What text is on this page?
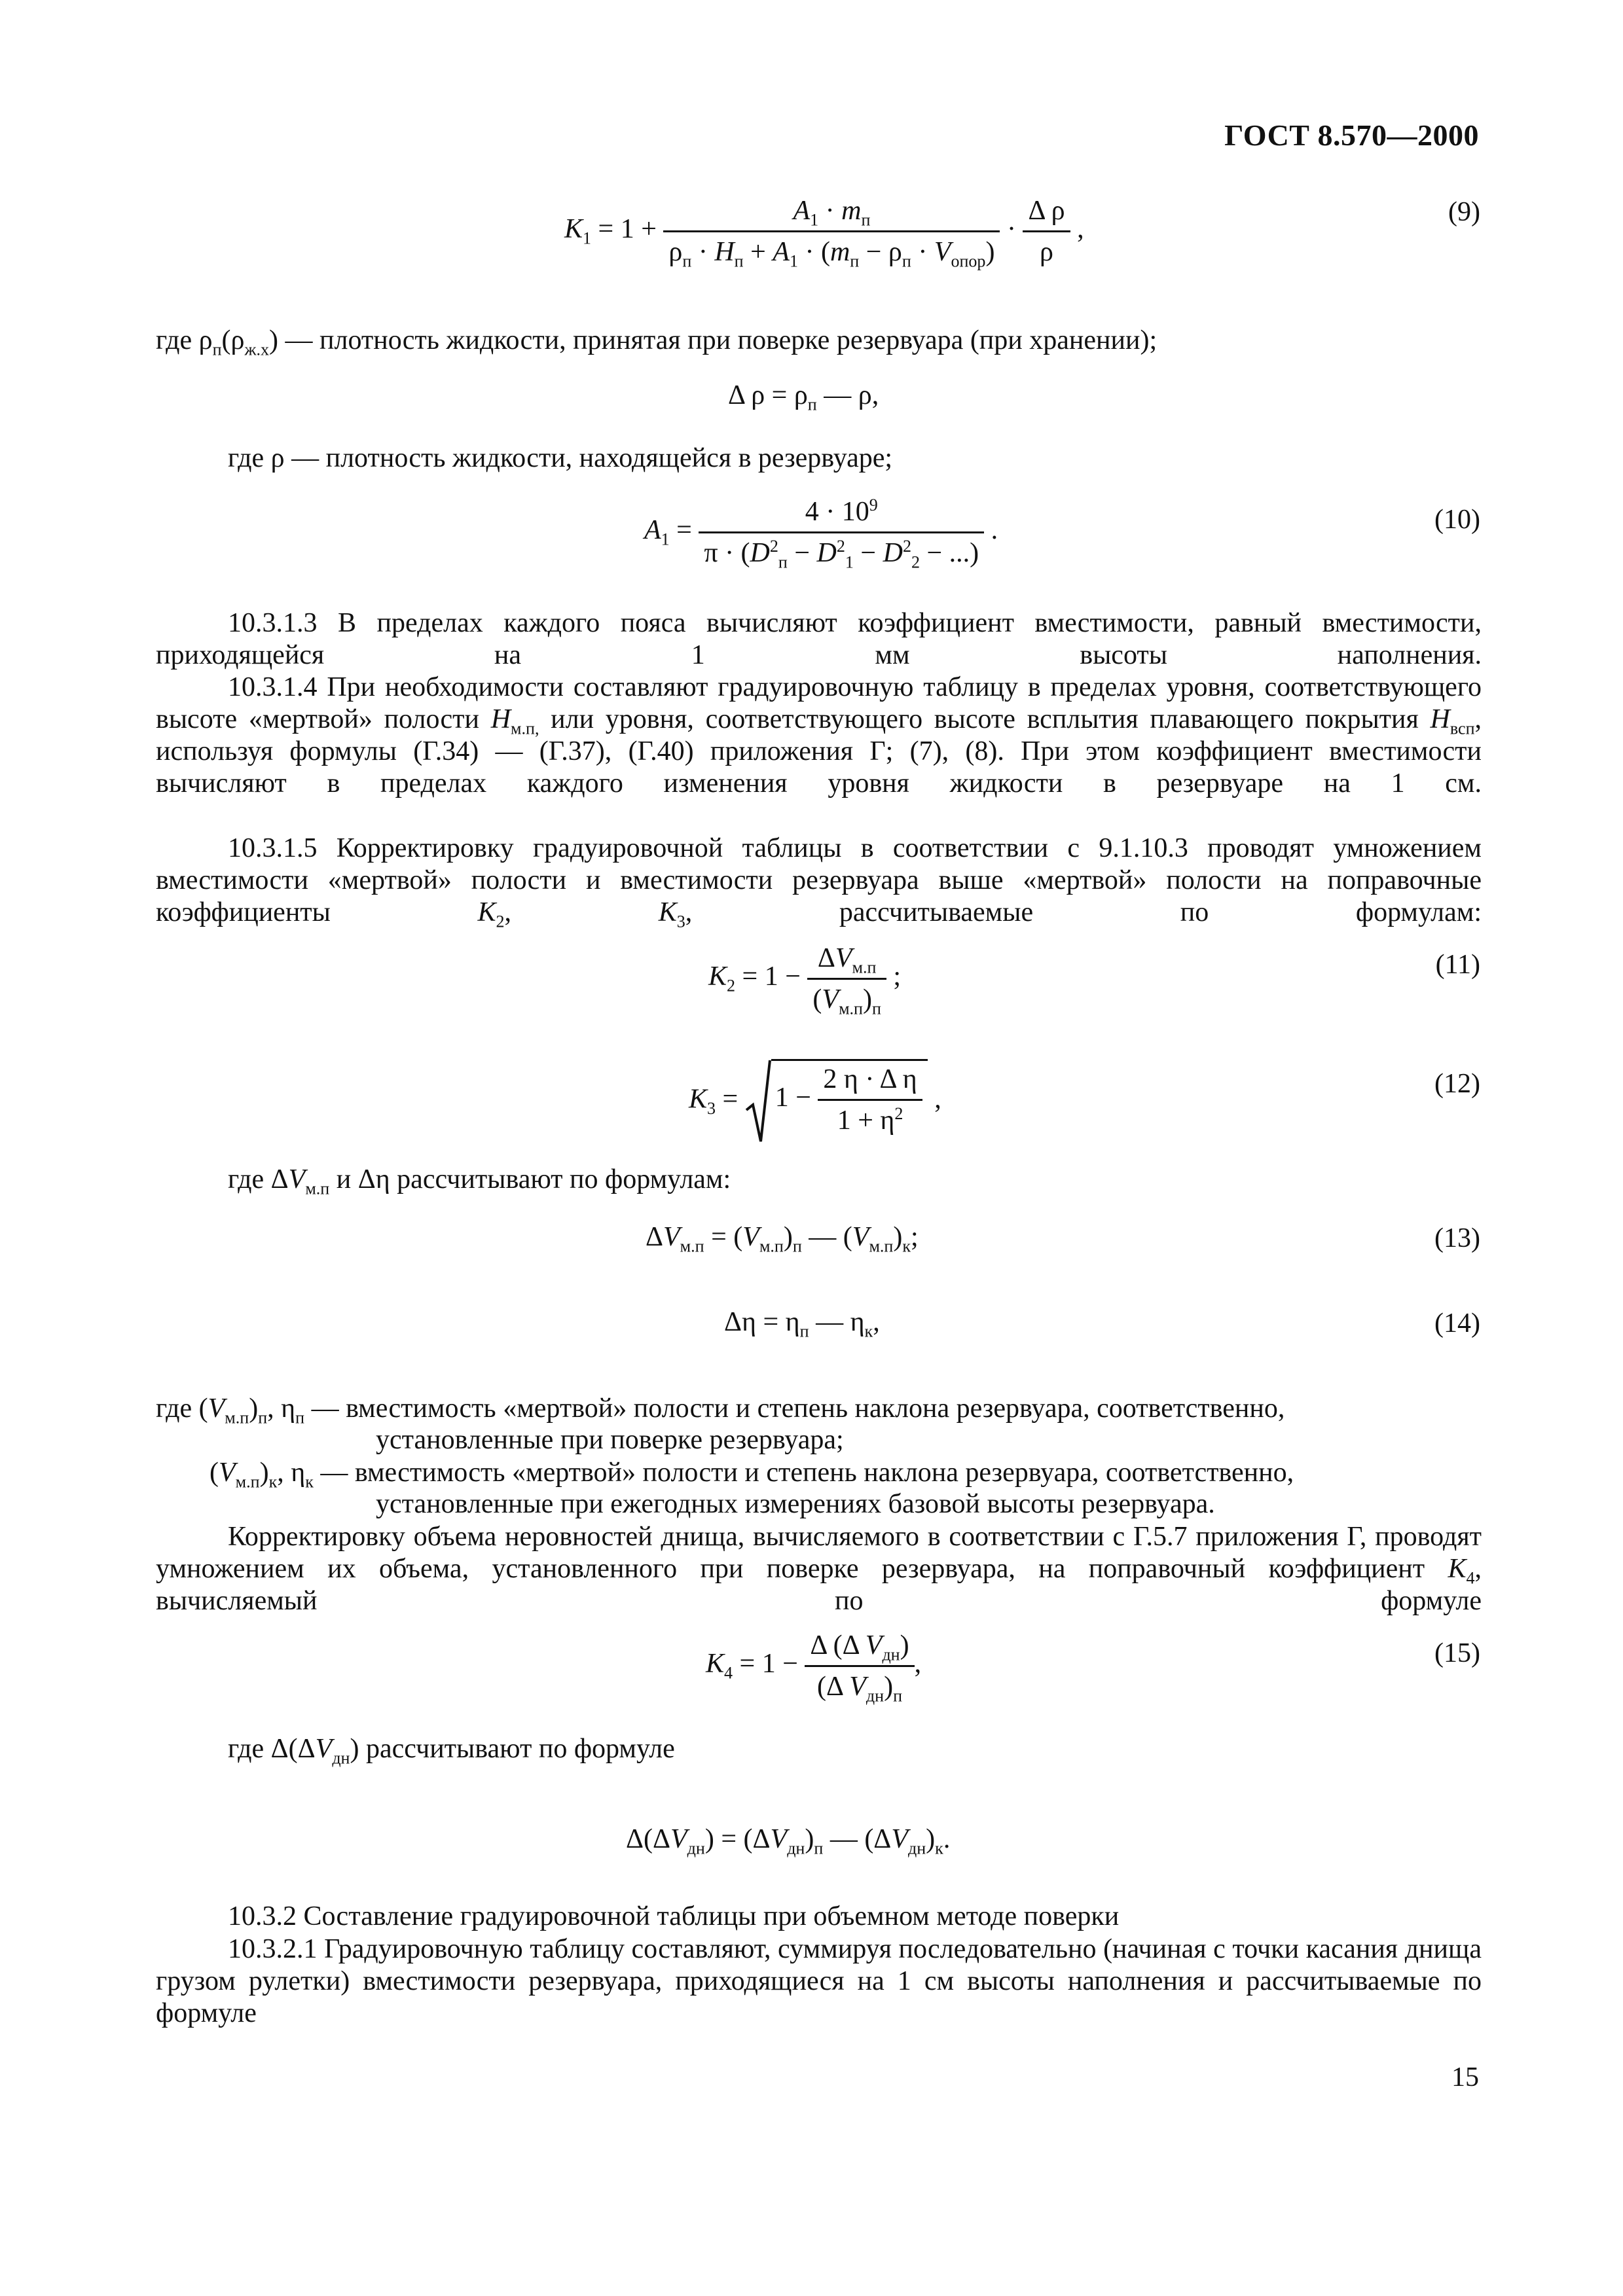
ГОСТ 8.570—2000
$K_1 = 1 + \frac{A_1 \cdot m_п}{\rho_п \cdot H_п + A_1 \cdot (m_п - \rho_п \cdot V_{опор})} \cdot \frac{\text{Δ ρ}}{\rho}$ ,
(9)
где $\rho_п(\rho_{ж.х})$ — плотность жидкости, принятая при поверке резервуара (при хранении);
Δ $\rho = \rho_п$ — ρ,
где ρ — плотность жидкости, находящейся в резервуаре;
$A_1 = \frac{4 \cdot 10^9}{\pi \cdot (D^2_п - D^2_1 - D^2_2 - ...)}$ .	(10)
10.3.1.3 В пределах каждого пояса вычисляют коэффициент вместимости, равный вместимости, приходящейся на 1 мм высоты наполнения.
10.3.1.4 При необходимости составляют градуировочную таблицу в пределах уровня, соответствующего высоте «мертвой» полости $H_{м.п,}$ или уровня, соответствующего высоте всплытия плавающего покрытия $H_{всп}$, используя формулы (Г.34) — (Г.37), (Г.40) приложения Г; (7), (8). При этом коэффициент вместимости вычисляют в пределах каждого изменения уровня жидкости в резервуаре на 1 см.
10.3.1.5 Корректировку градуировочной таблицы в соответствии с 9.1.10.3 проводят умножением вместимости «мертвой» полости и вместимости резервуара выше «мертвой» полости на поправочные коэффициенты $K_2$, $K_3$, рассчитываемые по формулам:
$K_2 = 1 - \frac{\Delta V_{м.п}}{(V_{м.п})_п}$ ;	(11)
$K_3 = 1 - \frac{\text{2 η · Δ η}}{1 + \eta^2}$ ,
(12)
где $\Delta V_{м.п}$ и Δη рассчитывают по формулам:
$\Delta V_{м.п} = (V_{м.п})_п$ — $(V_{м.п})_к$;	(13)
$\Delta\eta = \eta_п$ — $\eta_к$,	(14)
где $(V_{м.п})_п$, $\eta_п$ — вместимость «мертвой» полости и степень наклона резервуара, соответственно,
установленные при поверке резервуара;
$(V_{м.п})_к$, $\eta_к$ — вместимость «мертвой» полости и степень наклона резервуара, соответственно,
установленные при ежегодных измерениях базовой высоты резервуара.
Корректировку объема неровностей днища, вычисляемого в соответствии с Г.5.7 приложения Г, проводят умножением их объема, установленного при поверке резервуара, на поправочный коэффициент $K_4$, вычисляемый по формуле
$K_4 = 1 - \frac{\Delta (\Delta V_{дн})}{(\Delta V_{дн})_п}$ ,	(15)
где $\Delta(\Delta V_{дн})$ рассчитывают по формуле
$\Delta(\Delta V_{дн}) = (\Delta V_{дн})_п$ — $(\Delta V_{дн})_к$.
10.3.2 Составление градуировочной таблицы при объемном методе поверки
10.3.2.1 Градуировочную таблицу составляют, суммируя последовательно (начиная с точки касания днища грузом рулетки) вместимости резервуара, приходящиеся на 1 см высоты наполнения и рассчитываемые по формуле
15
